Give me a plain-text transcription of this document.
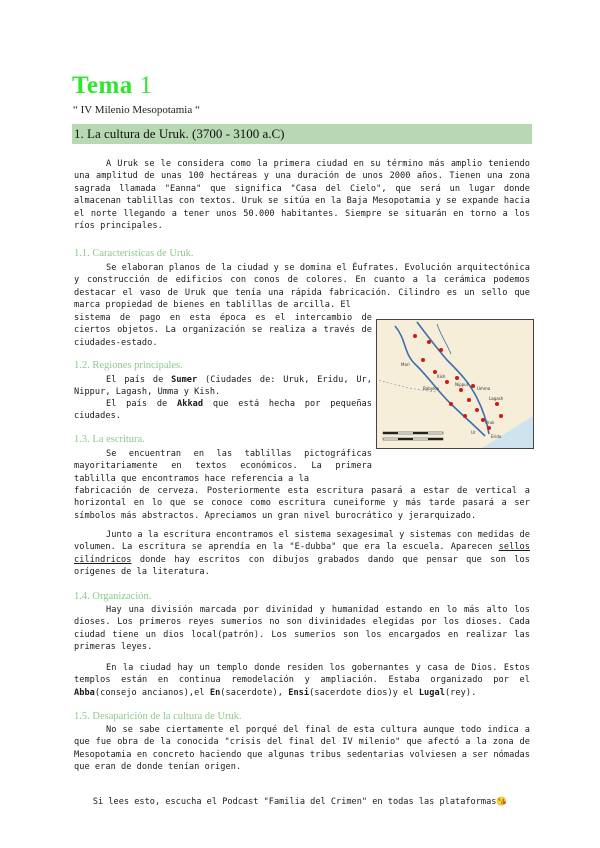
Tema 1
“ IV Milenio Mesopotamia “
1. La cultura de Uruk. (3700 - 3100 a.C)
A Uruk se le considera como la primera ciudad en su término más amplio teniendo una amplitud de unas 100 hectáreas y una duración de unos 2000 años. Tienen una zona sagrada llamada "Eanna" que significa "Casa del Cielo", que será un lugar donde almacenan tablillas con textos. Uruk se sitúa en la Baja Mesopotamia y se expande hacia el norte llegando a tener unos 50.000 habitantes. Siempre se situarán en torno a los ríos principales.
1.1. Características de Uruk.
Se elaboran planos de la ciudad y se domina el Éufrates. Evolución arquitectónica y construcción de edificios con conos de colores. En cuanto a la cerámica podemos destacar el vaso de Uruk que tenía una rápida fabricación. Cilindro es un sello que marca propiedad de bienes en tablillas de arcilla. El
sistema de pago en esta época es el intercambio de ciertos objetos. La organización se realiza a través de ciudades-estado.
1.2. Regiones principales.
El país de Sumer (Ciudades de: Uruk, Eridu, Ur, Nippur, Lagash, Umma y Kish.
El país de Akkad que está hecha por pequeñas ciudades.
1.3. La escritura.
Se encuentran en las tablillas pictográficas mayoritariamente en textos económicos. La primera tablilla que encontramos hace referencia a la
fabricación de cerveza. Posteriormente esta escritura pasará a estar de vertical a horizontal en lo que se conoce como escritura cuneiforme y más tarde pasará a ser símbolos más abstractos. Apreciamos un gran nivel burocrático y jerarquizado.
Junto a la escritura encontramos el sistema sexagesimal y sistemas con medidas de volumen. La escritura se aprendía en la "E-dubba" que era la escuela. Aparecen sellos cilíndricos donde hay escritos con dibujos grabados dando que pensar que son los orígenes de la literatura.
1.4. Organización.
Hay una división marcada por divinidad y humanidad estando en lo más alto los dioses. Los primeros reyes sumerios no son divinidades elegidas por los dioses. Cada ciudad tiene un dios local(patrón). Los sumerios son los encargados en realizar las primeras leyes.
En la ciudad hay un templo donde residen los gobernantes y casa de Dios. Estos templos están en continua remodelación y ampliación. Estaba organizado por el Abba(consejo ancianos),el En(sacerdote), Ensi(sacerdote dios)y el Lugal(rey).
1.5. Desaparición de la cultura de Uruk.
No se sabe ciertamente el porqué del final de esta cultura aunque todo indica a que fue obra de la conocida "crisis del final del IV milenio" que afectó a la zona de Mesopotamia en concreto haciendo que algunas tribus sedentarias volviesen a ser nómadas que eran de donde tenían origen.
Si lees esto, escucha el Podcast "Familia del Crimen" en todas las plataformas😘
Mari
Kish
Nippur
Lagash
Umma
Uruk
Ur
Eridu
Babylon
